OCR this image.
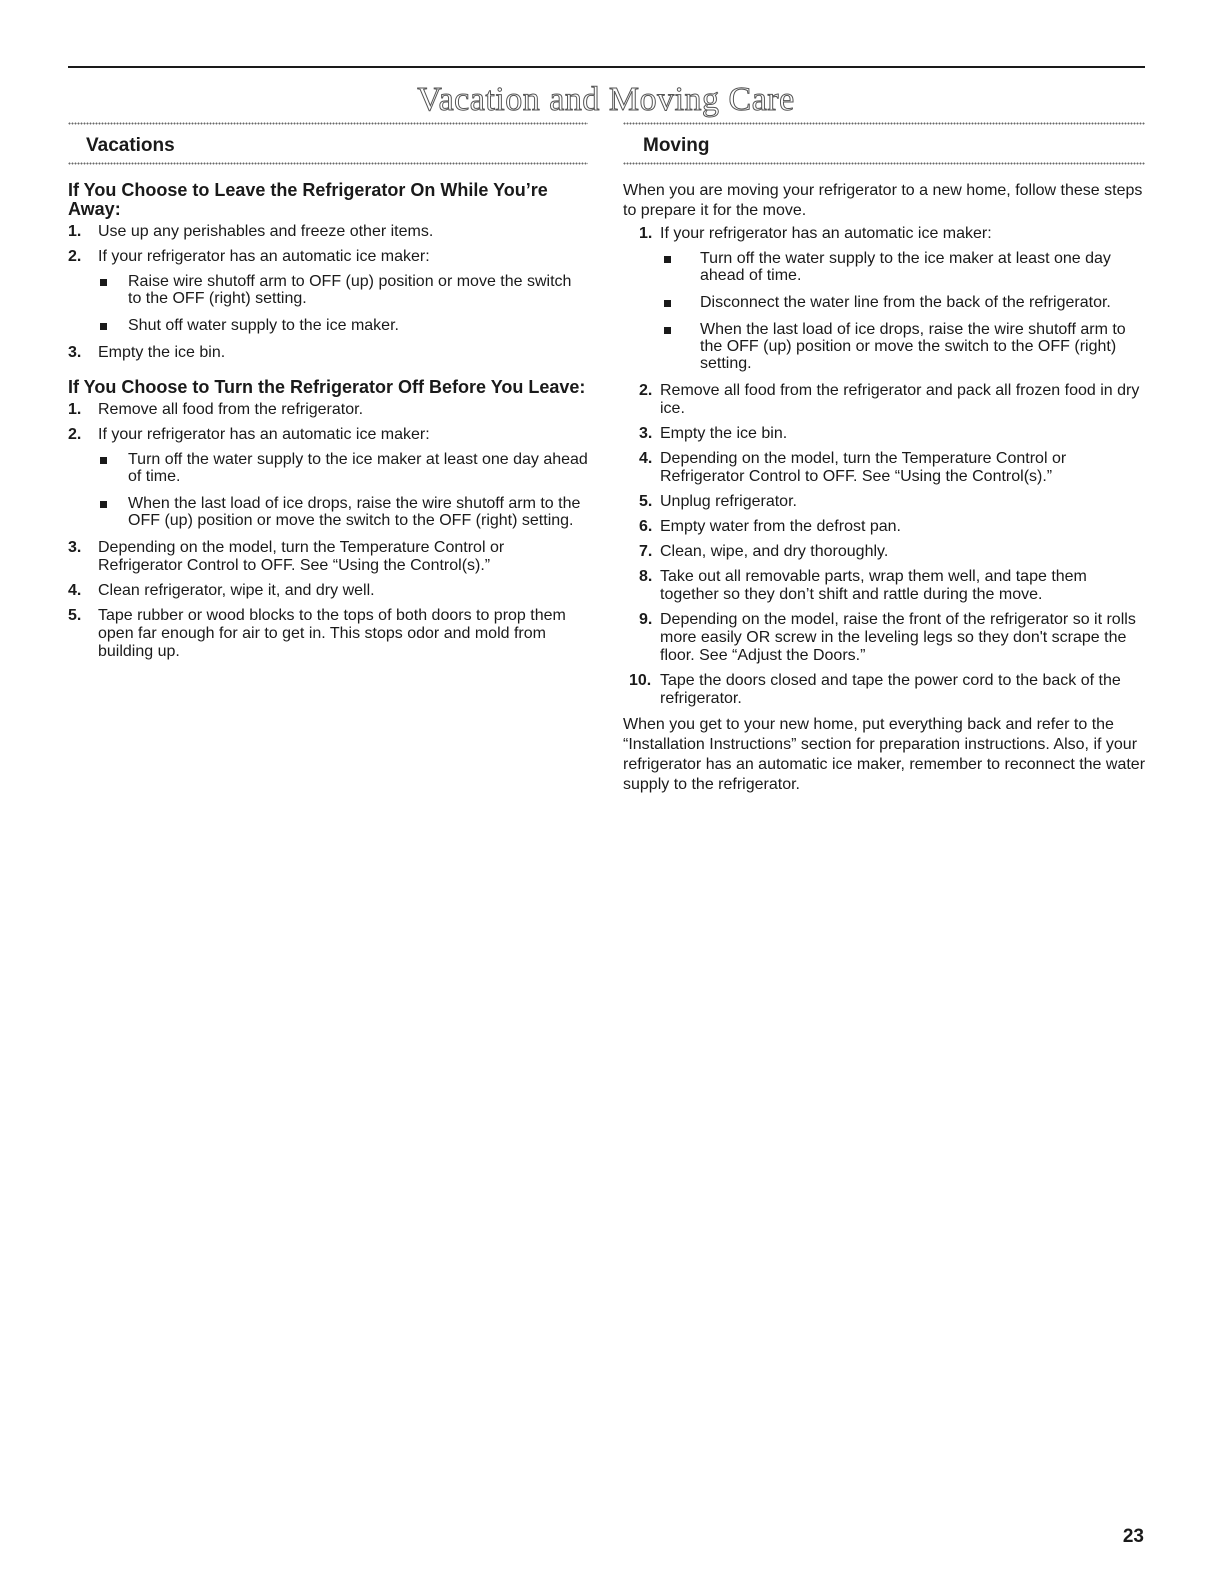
Vacation and Moving Care
Vacations
If You Choose to Leave the Refrigerator On While You’re Away:
1. Use up any perishables and freeze other items.
2. If your refrigerator has an automatic ice maker:
Raise wire shutoff arm to OFF (up) position or move the switch to the OFF (right) setting.
Shut off water supply to the ice maker.
3. Empty the ice bin.
If You Choose to Turn the Refrigerator Off Before You Leave:
1. Remove all food from the refrigerator.
2. If your refrigerator has an automatic ice maker:
Turn off the water supply to the ice maker at least one day ahead of time.
When the last load of ice drops, raise the wire shutoff arm to the OFF (up) position or move the switch to the OFF (right) setting.
3. Depending on the model, turn the Temperature Control or Refrigerator Control to OFF. See “Using the Control(s).”
4. Clean refrigerator, wipe it, and dry well.
5. Tape rubber or wood blocks to the tops of both doors to prop them open far enough for air to get in. This stops odor and mold from building up.
Moving

When you are moving your refrigerator to a new home, follow these steps to prepare it for the move.

1. If your refrigerator has an automatic ice maker:
Turn off the water supply to the ice maker at least one day ahead of time.
Disconnect the water line from the back of the refrigerator.
When the last load of ice drops, raise the wire shutoff arm to the OFF (up) position or move the switch to the OFF (right) setting.
2. Remove all food from the refrigerator and pack all frozen food in dry ice.
3. Empty the ice bin.
4. Depending on the model, turn the Temperature Control or Refrigerator Control to OFF. See “Using the Control(s).”
5. Unplug refrigerator.
6. Empty water from the defrost pan.
7. Clean, wipe, and dry thoroughly.
8. Take out all removable parts, wrap them well, and tape them together so they don’t shift and rattle during the move.
9. Depending on the model, raise the front of the refrigerator so it rolls more easily OR screw in the leveling legs so they don't scrape the floor. See “Adjust the Doors.”
10. Tape the doors closed and tape the power cord to the back of the refrigerator.

When you get to your new home, put everything back and refer to the “Installation Instructions” section for preparation instructions. Also, if your refrigerator has an automatic ice maker, remember to reconnect the water supply to the refrigerator.

23
